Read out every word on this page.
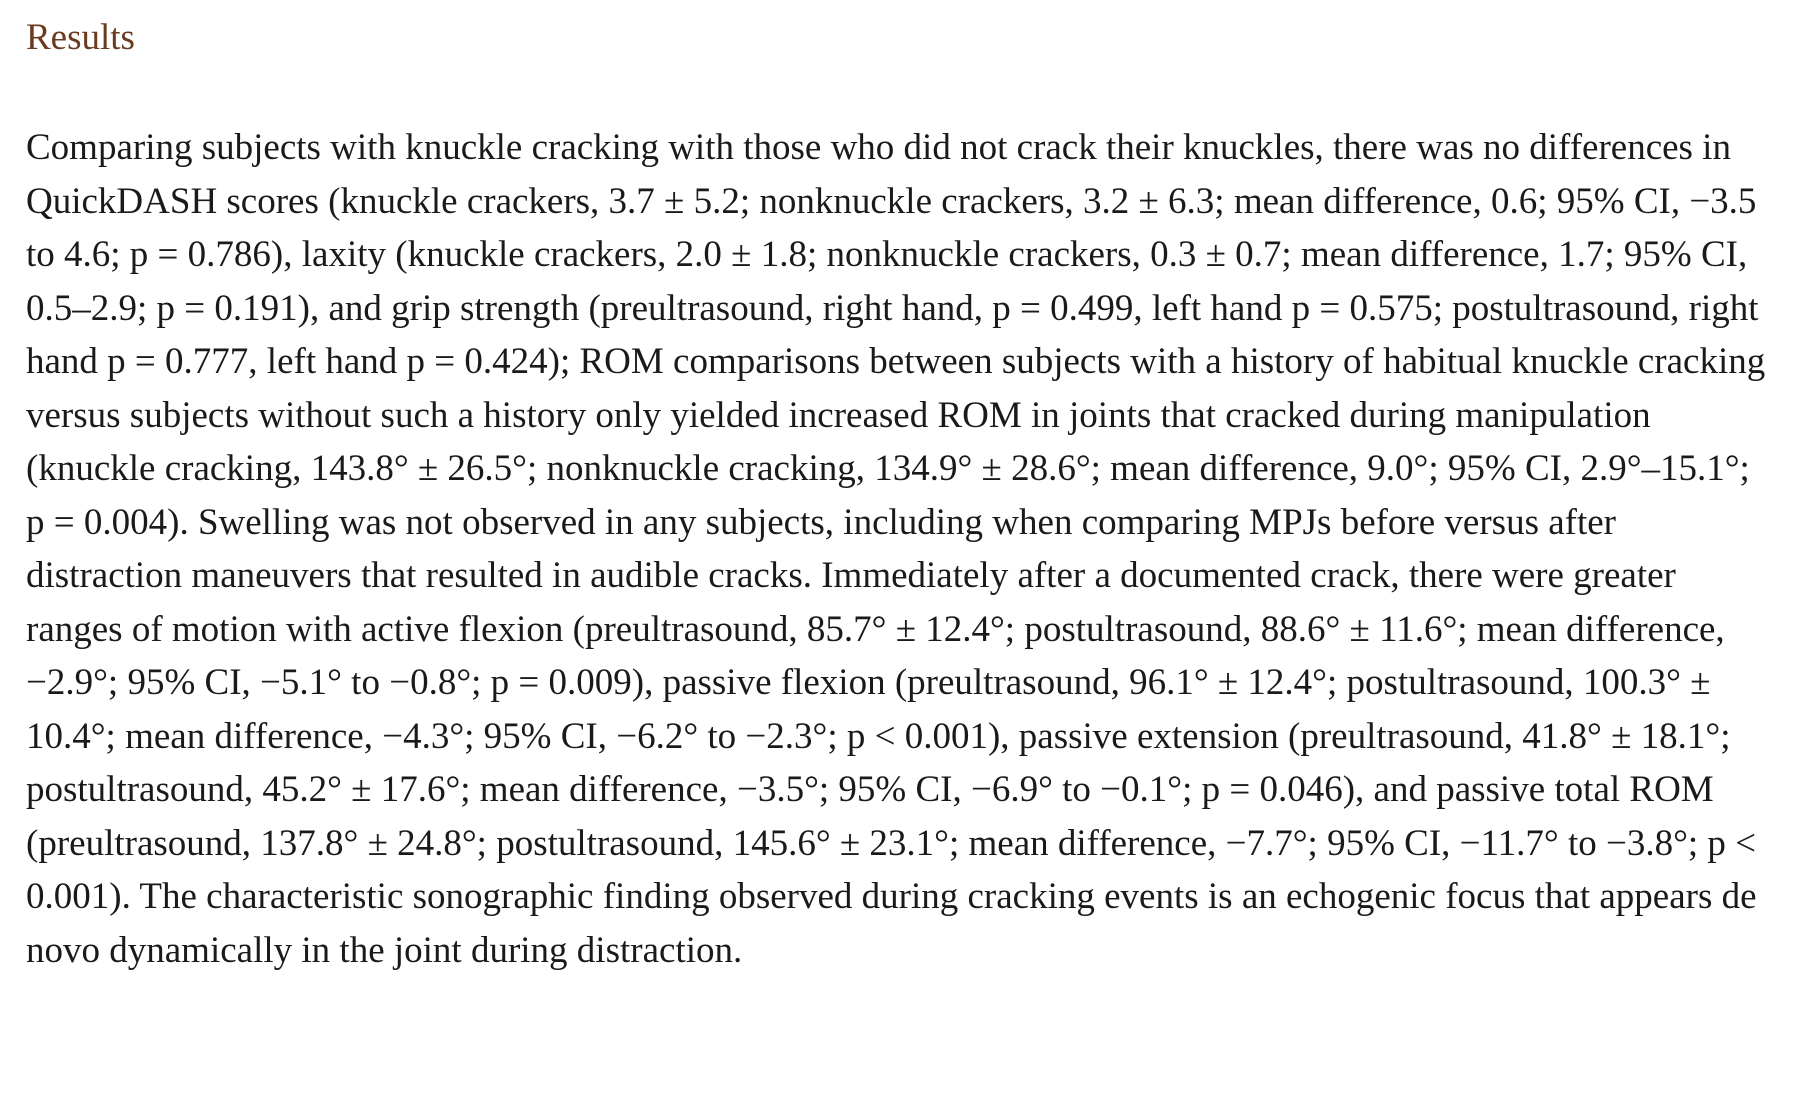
Results

Comparing subjects with knuckle cracking with those who did not crack their knuckles, there was no differences in QuickDASH scores (knuckle crackers, 3.7 ± 5.2; nonknuckle crackers, 3.2 ± 6.3; mean difference, 0.6; 95% CI, −3.5 to 4.6; p = 0.786), laxity (knuckle crackers, 2.0 ± 1.8; nonknuckle crackers, 0.3 ± 0.7; mean difference, 1.7; 95% CI, 0.5–2.9; p = 0.191), and grip strength (preultrasound, right hand, p = 0.499, left hand p = 0.575; postultrasound, right hand p = 0.777, left hand p = 0.424); ROM comparisons between subjects with a history of habitual knuckle cracking versus subjects without such a history only yielded increased ROM in joints that cracked during manipulation (knuckle cracking, 143.8° ± 26.5°; nonknuckle cracking, 134.9° ± 28.6°; mean difference, 9.0°; 95% CI, 2.9°–15.1°; p = 0.004). Swelling was not observed in any subjects, including when comparing MPJs before versus after distraction maneuvers that resulted in audible cracks. Immediately after a documented crack, there were greater ranges of motion with active flexion (preultrasound, 85.7° ± 12.4°; postultrasound, 88.6° ± 11.6°; mean difference, −2.9°; 95% CI, −5.1° to −0.8°; p = 0.009), passive flexion (preultrasound, 96.1° ± 12.4°; postultrasound, 100.3° ± 10.4°; mean difference, −4.3°; 95% CI, −6.2° to −2.3°; p < 0.001), passive extension (preultrasound, 41.8° ± 18.1°; postultrasound, 45.2° ± 17.6°; mean difference, −3.5°; 95% CI, −6.9° to −0.1°; p = 0.046), and passive total ROM (preultrasound, 137.8° ± 24.8°; postultrasound, 145.6° ± 23.1°; mean difference, −7.7°; 95% CI, −11.7° to −3.8°; p < 0.001). The characteristic sonographic finding observed during cracking events is an echogenic focus that appears de novo dynamically in the joint during distraction.
